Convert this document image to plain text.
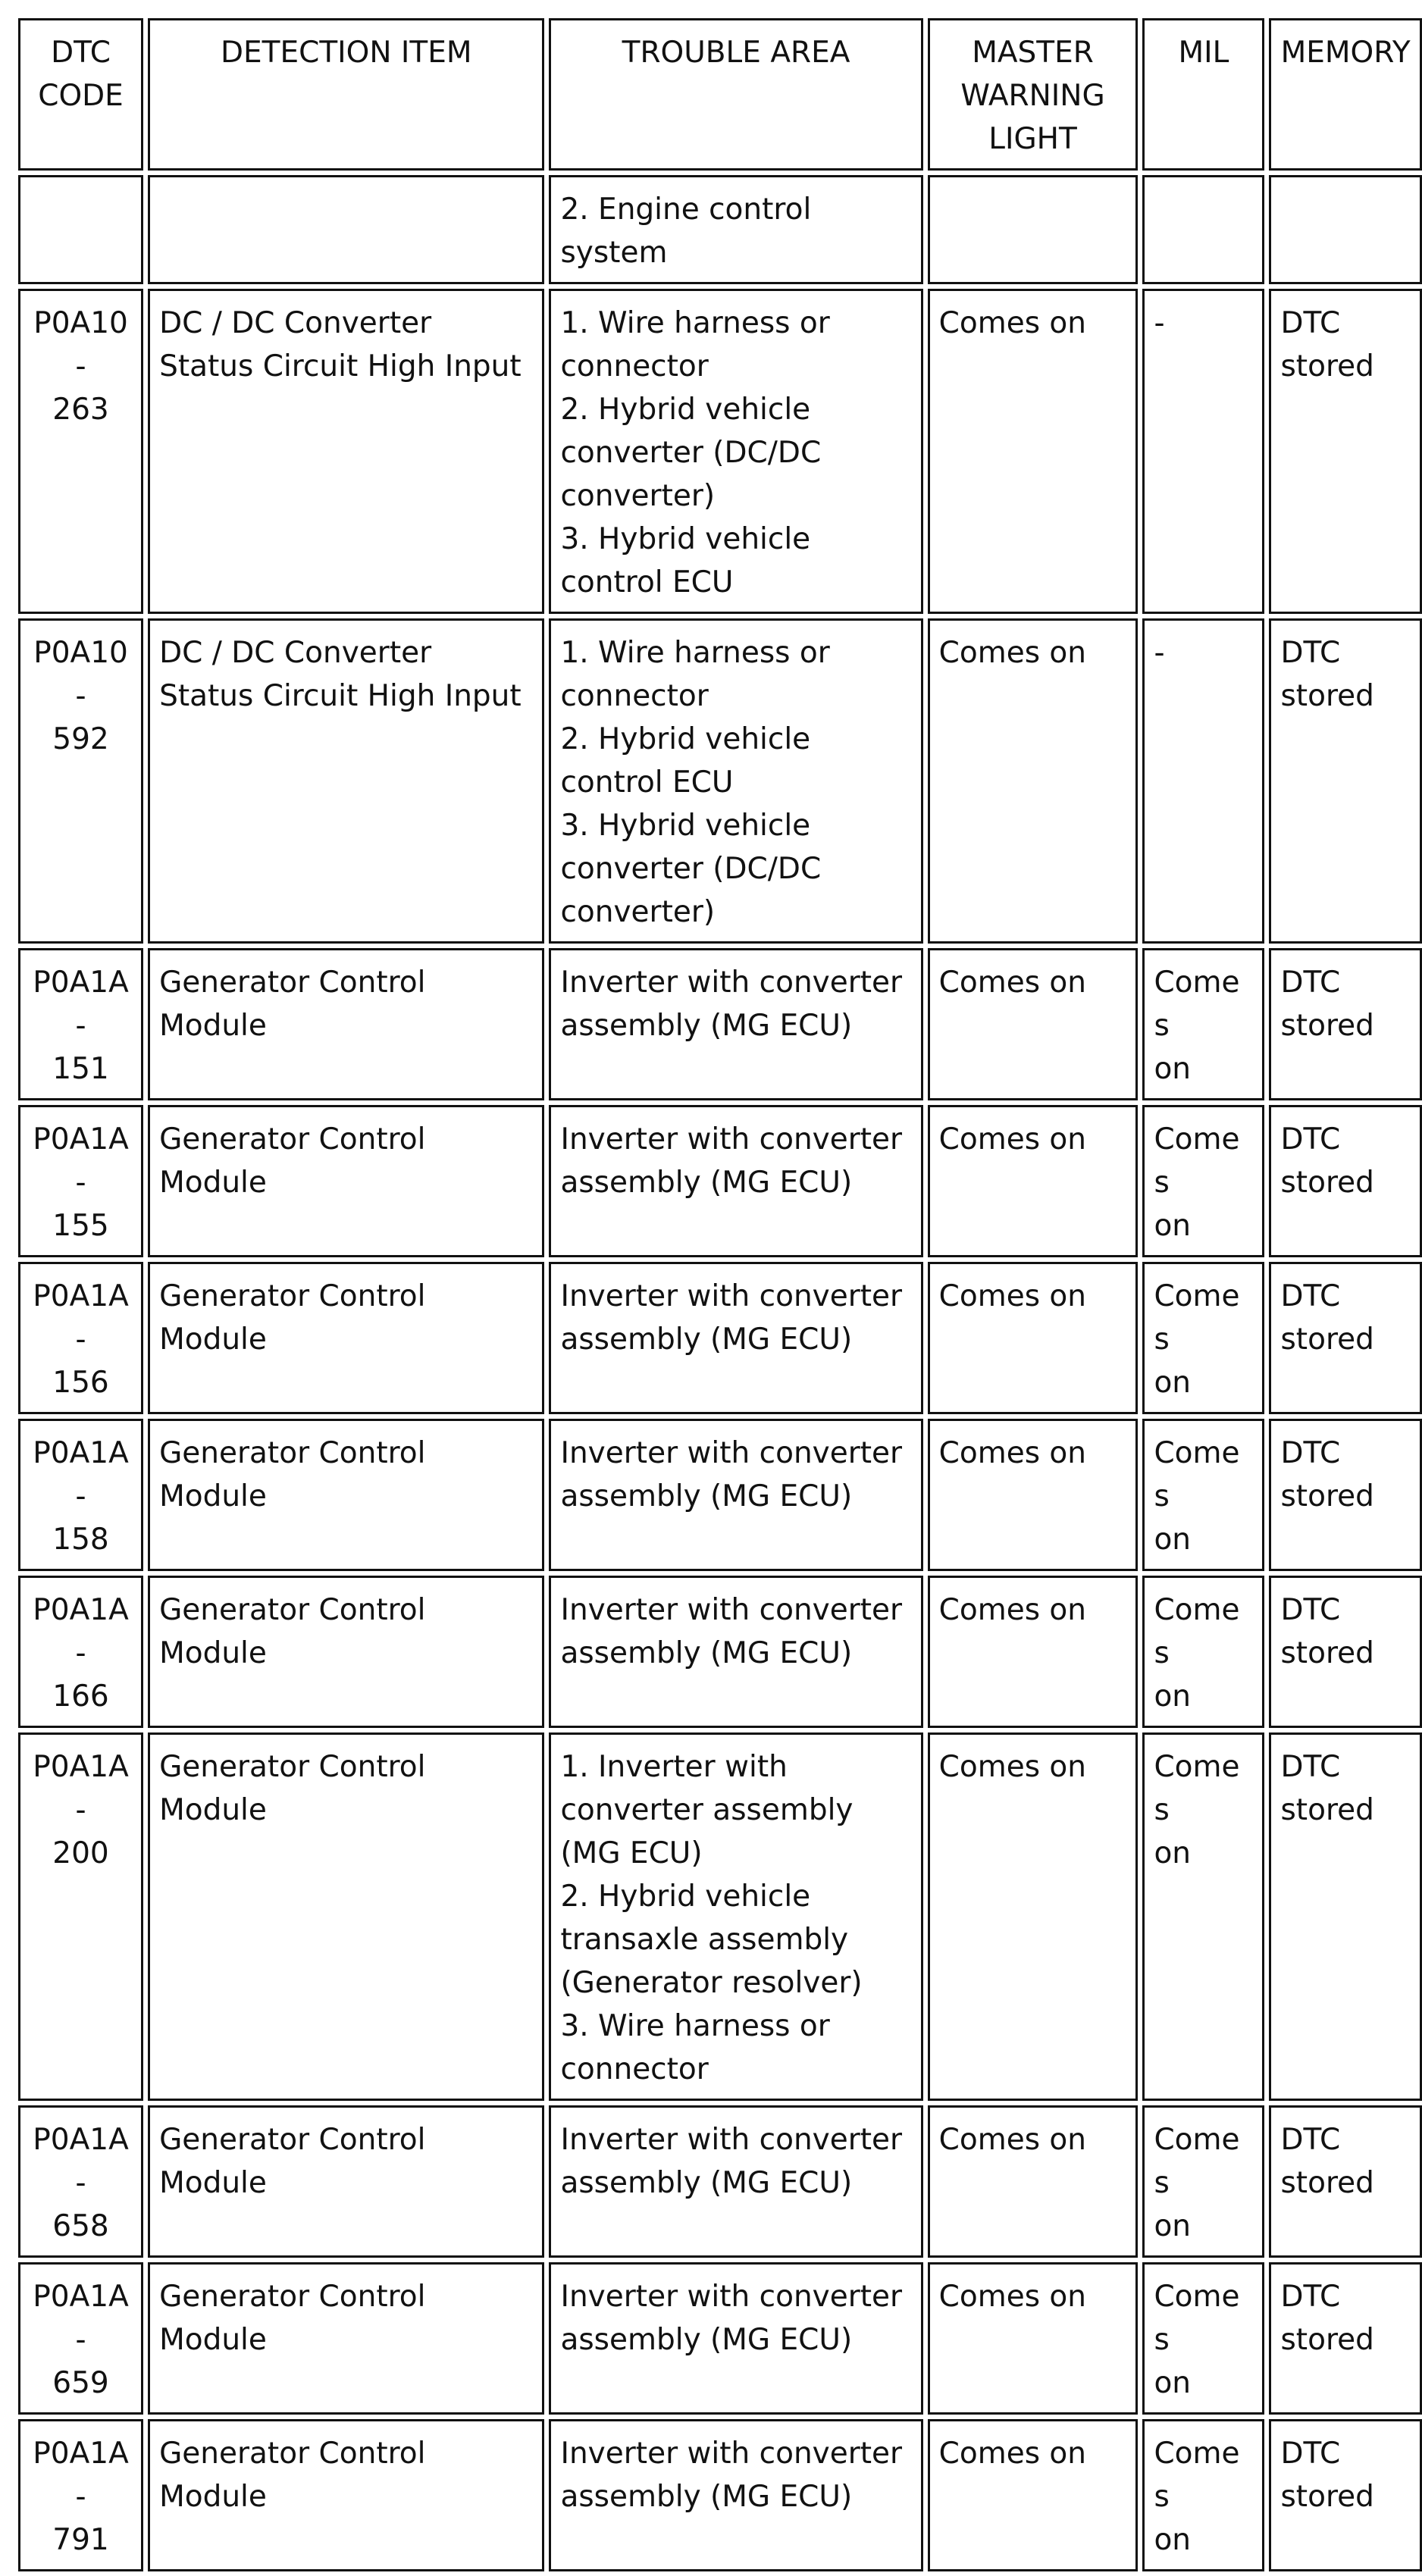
DTC
CODE	DETECTION ITEM	TROUBLE AREA	MASTER
WARNING
LIGHT	MIL	MEMORY	

		2. Engine control system				

P0A10-
263	DC / DC Converter Status Circuit High Input	1. Wire harness or connector
2. Hybrid vehicle converter (DC/DC converter)
3. Hybrid vehicle control ECU	Comes on	-	DTC
stored	

P0A10-
592	DC / DC Converter Status Circuit High Input	1. Wire harness or connector
2. Hybrid vehicle control ECU
3. Hybrid vehicle converter (DC/DC converter)	Comes on	-	DTC
stored	

P0A1A-
151	Generator Control Module	Inverter with converter assembly (MG ECU)	Comes on	Comes
on	DTC
stored	

P0A1A-
155	Generator Control Module	Inverter with converter assembly (MG ECU)	Comes on	Comes
on	DTC
stored	

P0A1A-
156	Generator Control Module	Inverter with converter assembly (MG ECU)	Comes on	Comes
on	DTC
stored	

P0A1A-
158	Generator Control Module	Inverter with converter assembly (MG ECU)	Comes on	Comes
on	DTC
stored	

P0A1A-
166	Generator Control Module	Inverter with converter assembly (MG ECU)	Comes on	Comes
on	DTC
stored	

P0A1A-
200	Generator Control Module	1. Inverter with converter assembly (MG ECU)
2. Hybrid vehicle transaxle assembly (Generator resolver)
3. Wire harness or connector	Comes on	Comes
on	DTC
stored	

P0A1A-
658	Generator Control Module	Inverter with converter assembly (MG ECU)	Comes on	Comes
on	DTC
stored	

P0A1A-
659	Generator Control Module	Inverter with converter assembly (MG ECU)	Comes on	Comes
on	DTC
stored	

P0A1A-
791	Generator Control Module	Inverter with converter assembly (MG ECU)	Comes on	Comes
on	DTC
stored	
